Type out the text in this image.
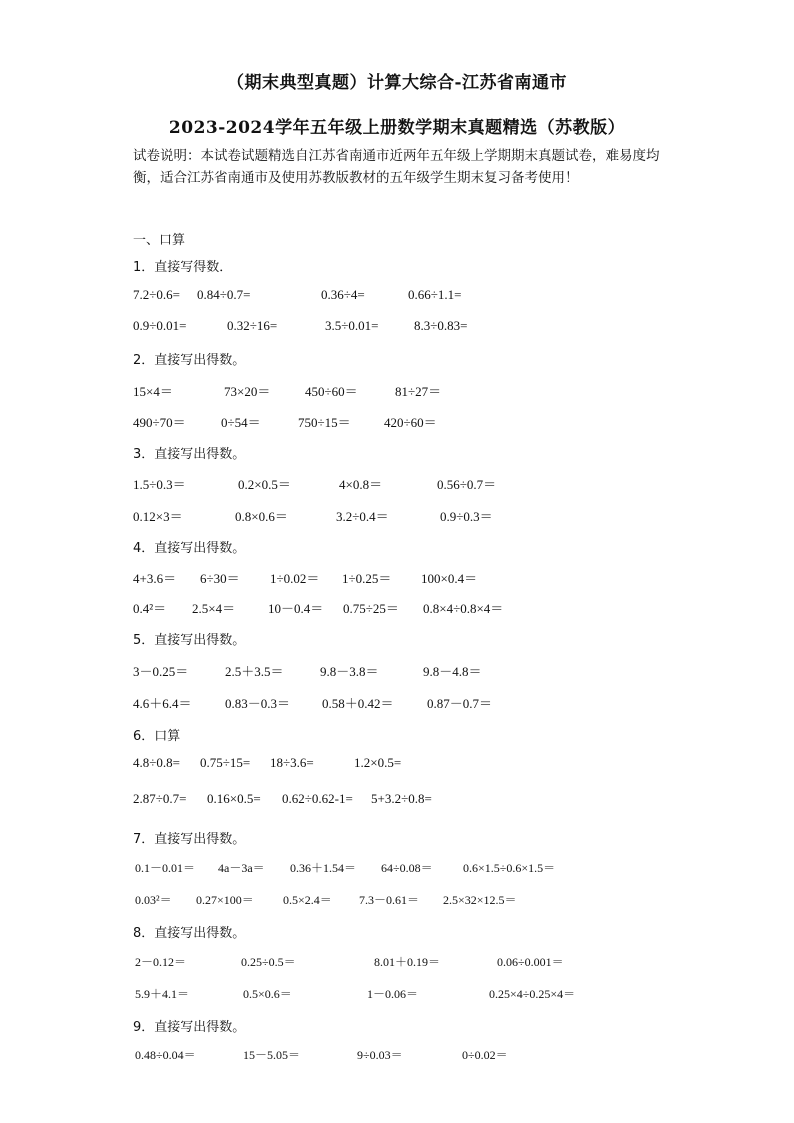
（期末典型真题）计算大综合-江苏省南通市
2023-2024学年五年级上册数学期末真题精选（苏教版）
试卷说明：本试卷试题精选自江苏省南通市近两年五年级上学期期末真题试卷，难易度均衡，适合江苏省南通市及使用苏教版教材的五年级学生期末复习备考使用！
一、口算
1．直接写得数．
7.2÷0.6= 0.84÷0.7=	0.36÷4=	0.66÷1.1=
0.9÷0.01=	0.32÷16=	3.5÷0.01=	8.3÷0.83=
2．直接写出得数。
15×4＝	73×20＝	450÷60＝	81÷27＝
490÷70＝	0÷54＝	750÷15＝	420÷60＝
3．直接写出得数。
1.5÷0.3＝	0.2×0.5＝	4×0.8＝	0.56÷0.7＝
0.12×3＝	0.8×0.6＝	3.2÷0.4＝	0.9÷0.3＝
4．直接写出得数。
4+3.6＝ 6÷30＝ 1÷0.02＝ 1÷0.25＝ 100×0.4＝
0.4²＝ 2.5×4＝	10－0.4＝ 0.75÷25＝ 0.8×4÷0.8×4＝
5．直接写出得数。
3－0.25＝	2.5＋3.5＝	9.8－3.8＝	9.8－4.8＝
4.6＋6.4＝	0.83－0.3＝ 0.58＋0.42＝	0.87－0.7＝
6．口算
4.8÷0.8= 0.75÷15= 18÷3.6=	1.2×0.5=
2.87÷0.7= 0.16×0.5= 0.62÷0.62-1= 5+3.2÷0.8=
7．直接写出得数。
0.1－0.01＝ 4a－3a＝ 0.36＋1.54＝ 64÷0.08＝	0.6×1.5÷0.6×1.5＝
0.03²＝ 0.27×100＝ 0.5×2.4＝ 7.3－0.61＝ 2.5×32×12.5＝
8．直接写出得数。
2－0.12＝	0.25÷0.5＝	8.01＋0.19＝	0.06÷0.001＝
5.9＋4.1＝	0.5×0.6＝	1－0.06＝	0.25×4÷0.25×4＝
9．直接写出得数。
0.48÷0.04＝	15－5.05＝	9÷0.03＝	0÷0.02＝
